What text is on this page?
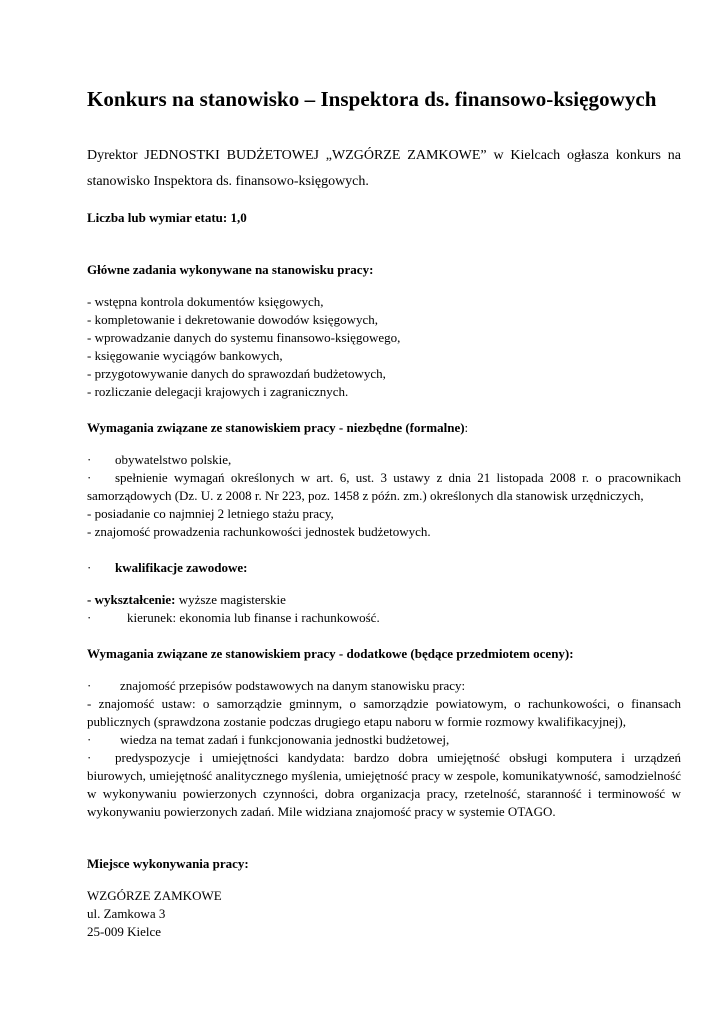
Konkurs na stanowisko – Inspektora ds. finansowo-księgowych

Dyrektor JEDNOSTKI BUDŻETOWEJ „WZGÓRZE ZAMKOWE” w Kielcach ogłasza konkurs na stanowisko Inspektora ds. finansowo-księgowych.

Liczba lub wymiar etatu: 1,0

Główne zadania wykonywane na stanowisku pracy:

- wstępna kontrola dokumentów księgowych,
- kompletowanie i dekretowanie dowodów księgowych,
- wprowadzanie danych do systemu finansowo-księgowego,
- księgowanie wyciągów bankowych,
- przygotowywanie danych do sprawozdań budżetowych,
- rozliczanie delegacji krajowych i zagranicznych.

Wymagania związane ze stanowiskiem pracy - niezbędne (formalne):

· obywatelstwo polskie,

· spełnienie wymagań określonych w art. 6, ust. 3 ustawy z dnia 21 listopada 2008 r. o pracownikach samorządowych (Dz. U. z 2008 r. Nr 223, poz. 1458 z późn. zm.) określonych dla stanowisk urzędniczych,

- posiadanie co najmniej 2 letniego stażu pracy,

- znajomość prowadzenia rachunkowości jednostek budżetowych.

· kwalifikacje zawodowe:

- wykształcenie: wyższe magisterskie

·	kierunek: ekonomia lub finanse i rachunkowość.

Wymagania związane ze stanowiskiem pracy - dodatkowe (będące przedmiotem oceny):

· znajomość przepisów podstawowych na danym stanowisku pracy:

- znajomość ustaw: o samorządzie gminnym, o samorządzie powiatowym, o rachunkowości, o finansach publicznych (sprawdzona zostanie podczas drugiego etapu naboru w formie rozmowy kwalifikacyjnej),

· wiedza na temat zadań i funkcjonowania jednostki budżetowej,

· predyspozycje i umiejętności kandydata: bardzo dobra umiejętność obsługi komputera i urządzeń biurowych, umiejętność analitycznego myślenia, umiejętność pracy w zespole, komunikatywność, samodzielność w wykonywaniu powierzonych czynności, dobra organizacja pracy, rzetelność, staranność i terminowość w wykonywaniu powierzonych zadań. Mile widziana znajomość pracy w systemie OTAGO.

Miejsce wykonywania pracy:

WZGÓRZE ZAMKOWE

ul. Zamkowa 3

25-009 Kielce
